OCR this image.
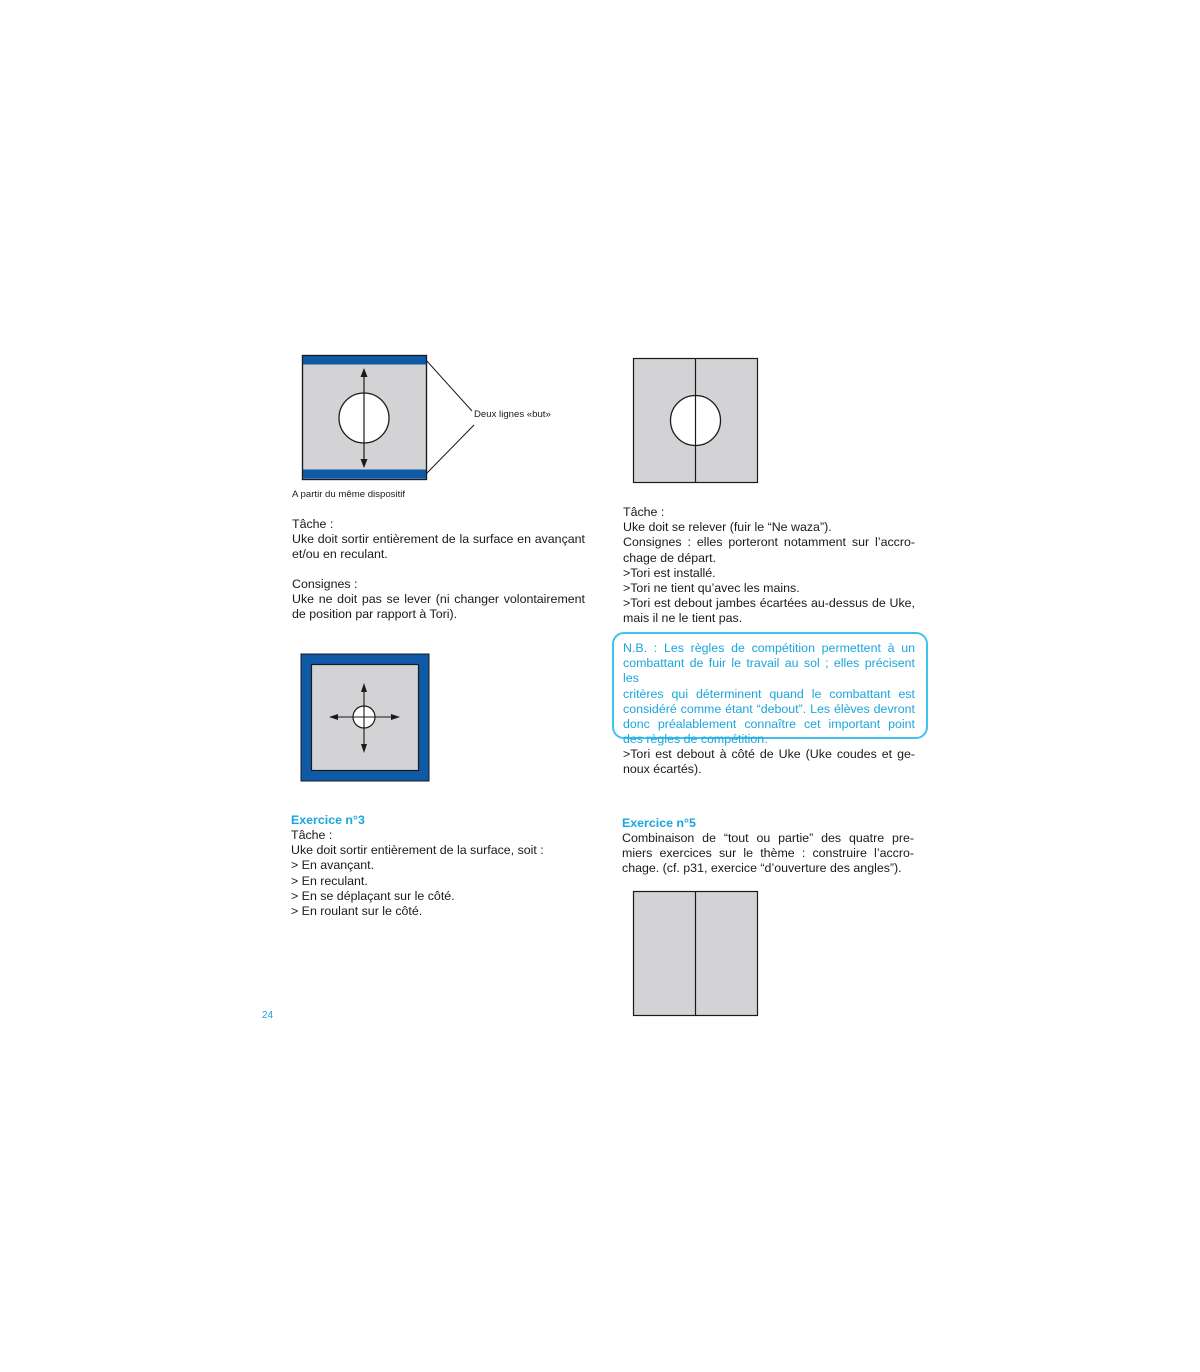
Deux lignes «but»
A partir du même dispositif
Tâche :
Uke doit sortir entièrement de la surface en avançant
et/ou en reculant.
Consignes :
Uke ne doit pas se lever (ni changer volontairement
de position par rapport à Tori).
Exercice n°3
Tâche :
Uke doit sortir entièrement de la surface, soit :
> En avançant.
> En reculant.
> En se déplaçant sur le côté.
> En roulant sur le côté.
Tâche :
Uke doit se relever (fuir le “Ne waza”).
Consignes : elles porteront notamment sur l’accro-
chage de départ.
>Tori est installé.
>Tori ne tient qu’avec les mains.
>Tori est debout jambes écartées au-dessus de Uke,
mais il ne le tient pas.
N.B. : Les règles de compétition permettent à un
combattant de fuir le travail au sol ; elles précisent les
critères qui déterminent quand le combattant est
considéré comme étant “debout”. Les élèves devront
donc préalablement connaître cet important point
des règles de compétition.
>Tori est debout à côté de Uke (Uke coudes et ge-
noux écartés).
Exercice n°5
Combinaison de “tout ou partie” des quatre pre-
miers exercices sur le thème : construire l’accro-
chage. (cf. p31, exercice “d’ouverture des angles”).
24
